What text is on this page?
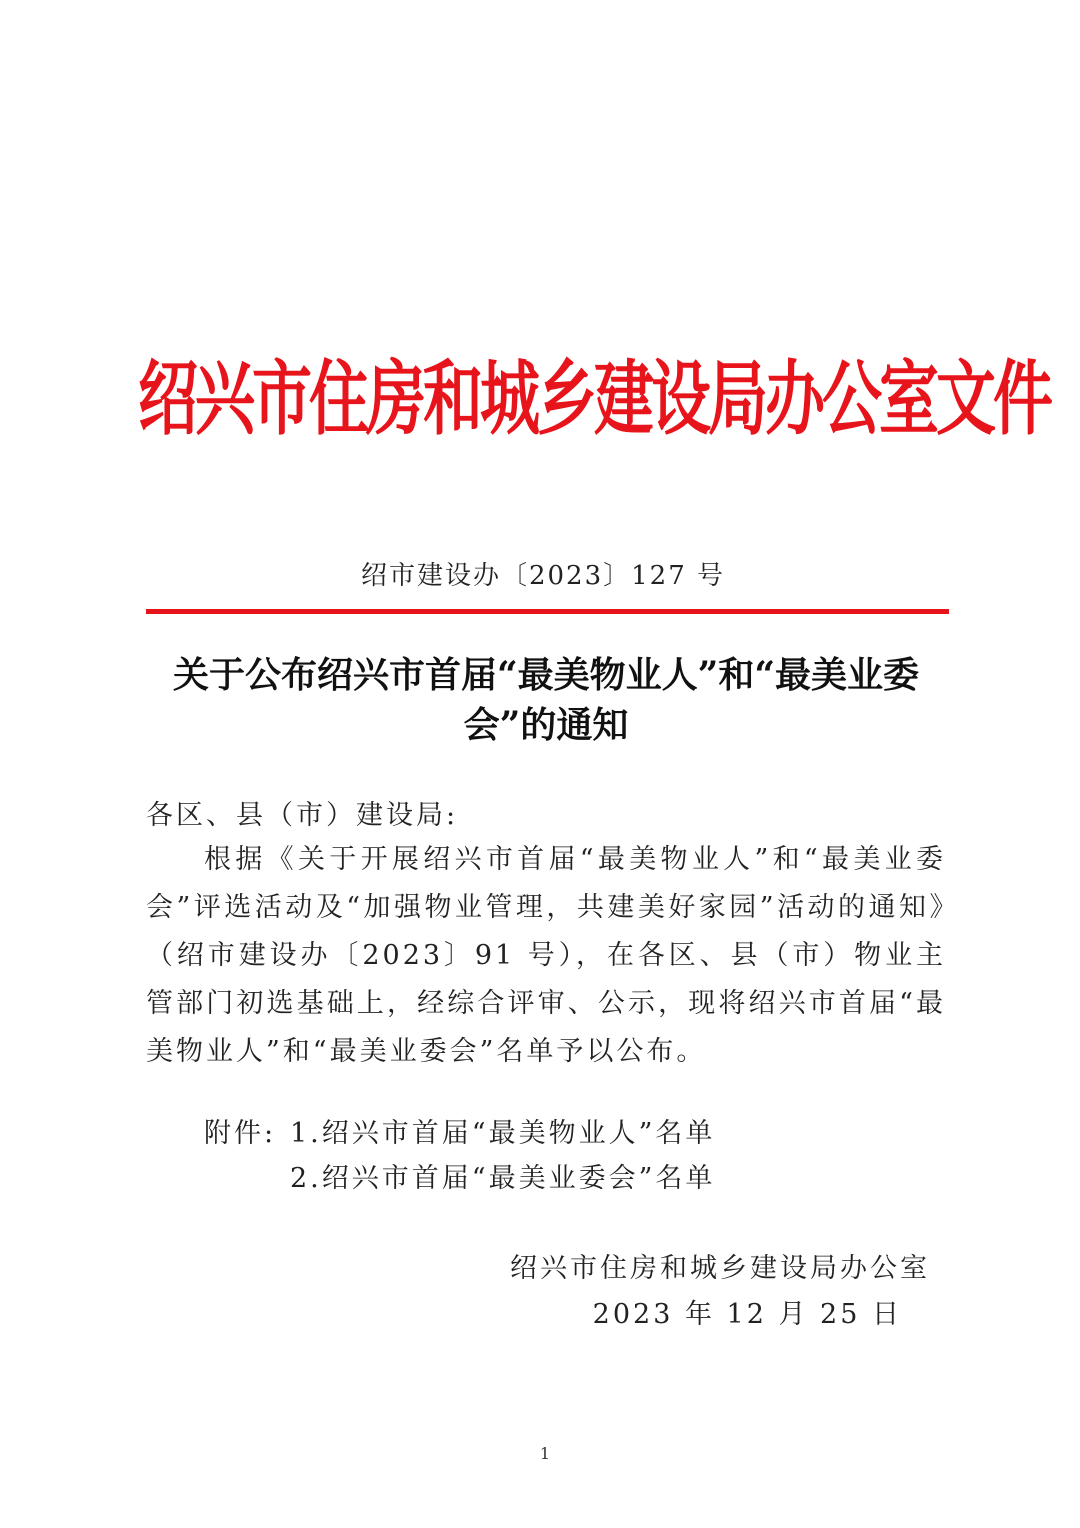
绍兴市住房和城乡建设局办公室文件
绍市建设办〔2023〕127 号
关于公布绍兴市首届“最美物业人”和“最美业委会”的通知
各区、县（市）建设局:
根据《关于开展绍兴市首届“最美物业人”和“最美业委会”评选活动及“加强物业管理，共建美好家园”活动的通知》（绍市建设办〔2023〕91 号），在各区、县（市）物业主管部门初选基础上，经综合评审、公示，现将绍兴市首届“最美物业人”和“最美业委会”名单予以公布。
附件: 1.绍兴市首届“最美物业人”名单
2.绍兴市首届“最美业委会”名单
绍兴市住房和城乡建设局办公室
2023 年 12 月 25 日
1
